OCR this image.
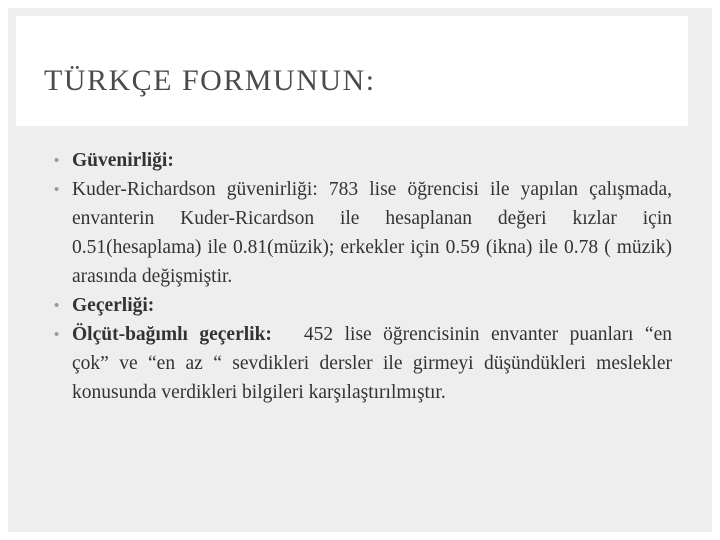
TÜRKÇE FORMUNUN:
• Güvenirliği:
• Kuder-Richardson güvenirliği: 783 lise öğrencisi ile yapılan çalışmada, envanterin Kuder-Ricardson ile hesaplanan değeri kızlar için 0.51(hesaplama) ile 0.81(müzik); erkekler için 0.59 (ikna) ile 0.78 ( müzik) arasında değişmiştir.
• Geçerliği:
• Ölçüt-bağımlı geçerlik: 452 lise öğrencisinin envanter puanları “en çok” ve “en az “ sevdikleri dersler ile girmeyi düşündükleri meslekler konusunda verdikleri bilgileri karşılaştırılmıştır.
